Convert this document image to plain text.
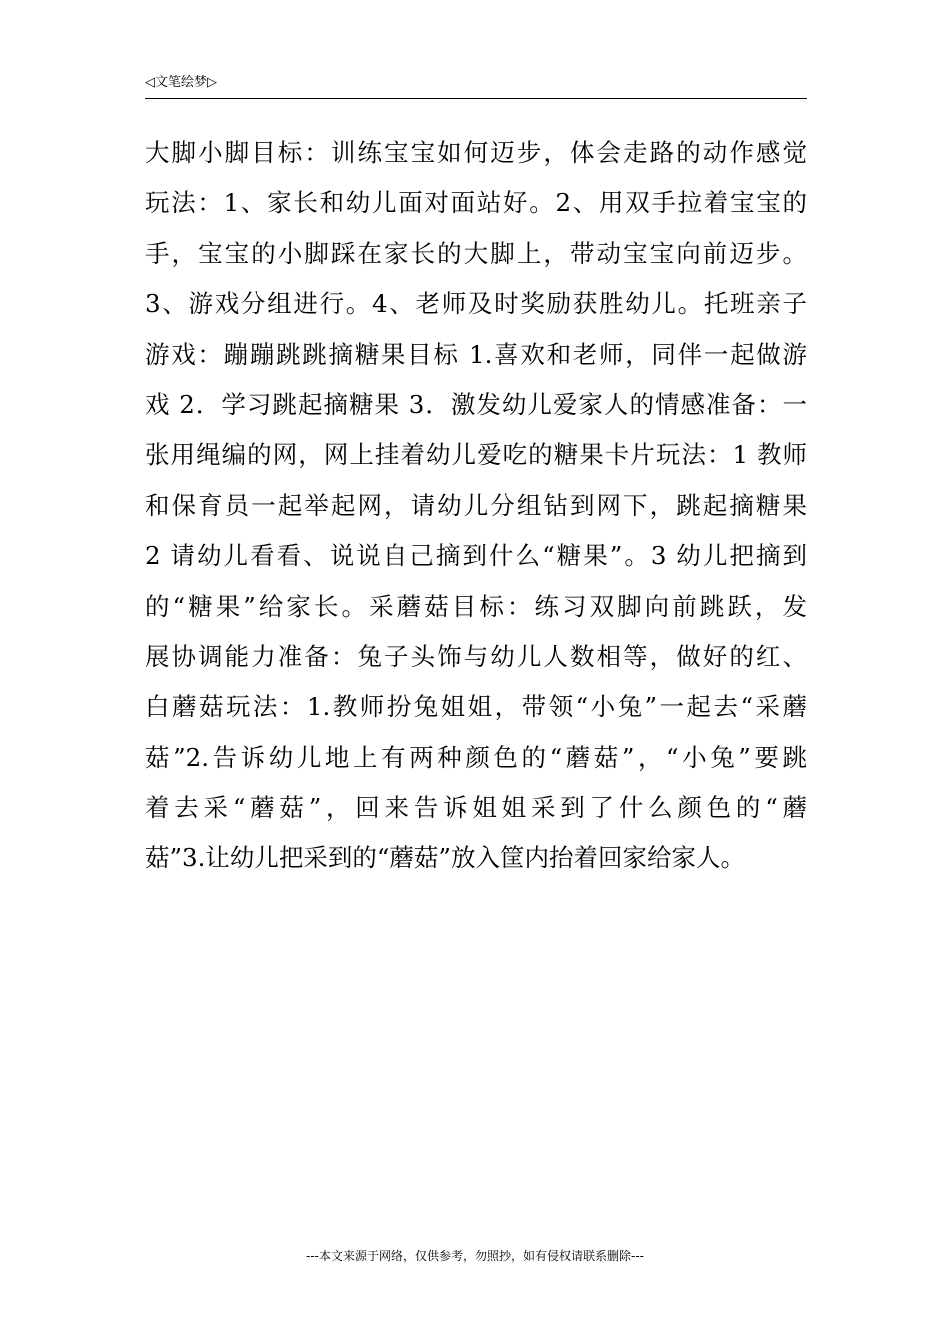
◁文笔绘梦▷
大脚小脚目标：训练宝宝如何迈步，体会走路的动作感觉
玩法：1、家长和幼儿面对面站好。2、用双手拉着宝宝的
手，宝宝的小脚踩在家长的大脚上，带动宝宝向前迈步。
3、游戏分组进行。4、老师及时奖励获胜幼儿。托班亲子
游戏：蹦蹦跳跳摘糖果目标 1.喜欢和老师，同伴一起做游
戏 2．学习跳起摘糖果 3．激发幼儿爱家人的情感准备：一
张用绳编的网，网上挂着幼儿爱吃的糖果卡片玩法：1 教师
和保育员一起举起网，请幼儿分组钻到网下，跳起摘糖果
2 请幼儿看看、说说自己摘到什么“糖果”。3 幼儿把摘到
的“糖果”给家长。采蘑菇目标：练习双脚向前跳跃，发
展协调能力准备：兔子头饰与幼儿人数相等，做好的红、
白蘑菇玩法：1.教师扮兔姐姐，带领“小兔”一起去“采蘑
菇”2.告诉幼儿地上有两种颜色的“蘑菇”，“小兔”要跳
着去采“蘑菇”，回来告诉姐姐采到了什么颜色的“蘑
菇”3.让幼儿把采到的“蘑菇”放入筐内抬着回家给家人。
---本文来源于网络，仅供参考，勿照抄，如有侵权请联系删除---
